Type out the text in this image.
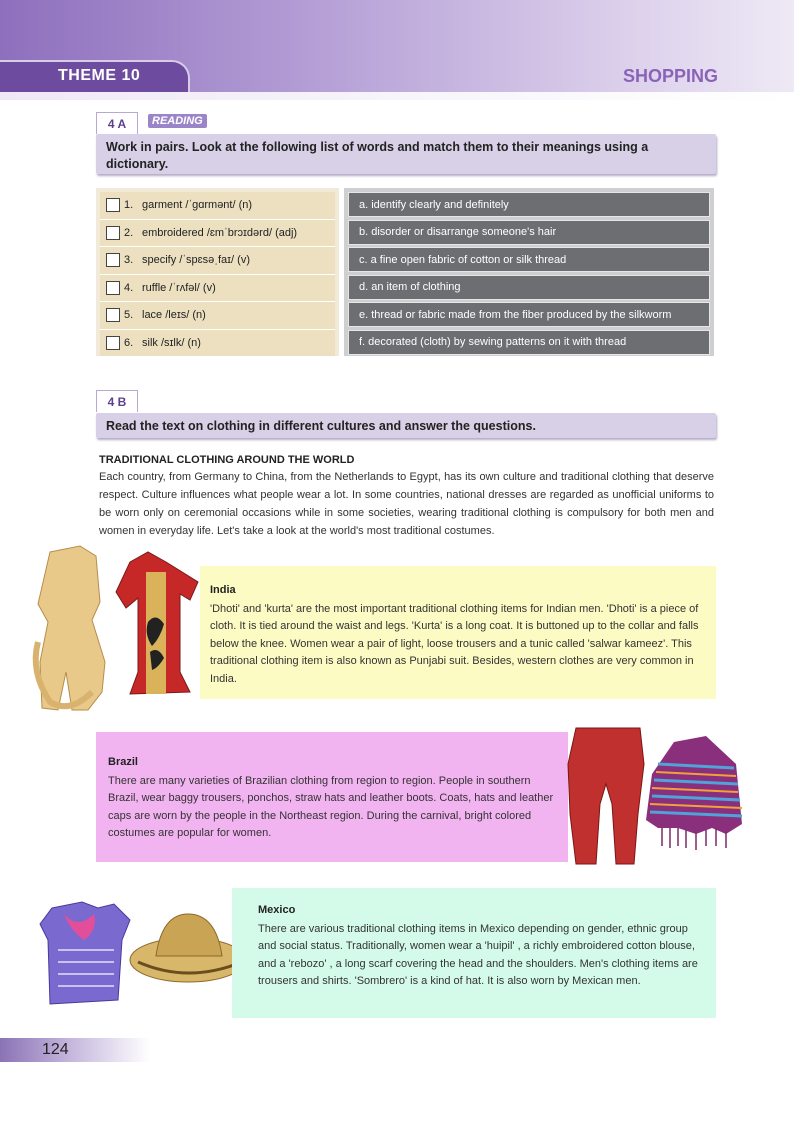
THEME 10	SHOPPING
4 A	READING
Work in pairs. Look at the following list of words and match them to their meanings using a dictionary.
1. garment /ˈɡɑrmənt/ (n)
2. embroidered /ɛmˈbrɔɪdərd/ (adj)
3. specify /ˈspɛsəˌfaɪ/ (v)
4. ruffle /ˈrʌfəl/ (v)
5. lace /leɪs/ (n)
6. silk /sɪlk/ (n)
a. identify clearly and definitely
b. disorder or disarrange someone's hair
c. a fine open fabric of cotton or silk thread
d. an item of clothing
e. thread or fabric made from the fiber produced by the silkworm
f. decorated (cloth) by sewing patterns on it with thread
4 B
Read the text on clothing in different cultures and answer the questions.
TRADITIONAL CLOTHING AROUND THE WORLD
Each country, from Germany to China, from the Netherlands to Egypt, has its own culture and traditional clothing that deserve respect. Culture influences what people wear a lot. In some countries, national dresses are regarded as unofficial uniforms to be worn only on ceremonial occasions while in some societies, wearing traditional clothing is compulsory for both men and women in everyday life. Let's take a look at the world's most traditional costumes.
India
'Dhoti' and 'kurta' are the most important traditional clothing items for Indian men. 'Dhoti' is a piece of cloth. It is tied around the waist and legs. 'Kurta' is a long coat. It is buttoned up to the collar and falls below the knee. Women wear a pair of light, loose trousers and a tunic called 'salwar kameez'. This traditional clothing item is also known as Punjabi suit. Besides, western clothes are very common in India.
Brazil
There are many varieties of Brazilian clothing from region to region. People in southern Brazil, wear baggy trousers, ponchos, straw hats and leather boots. Coats, hats and leather caps are worn by the people in the Northeast region. During the carnival, bright colored costumes are popular for women.
Mexico
There are various traditional clothing items in Mexico depending on gender, ethnic group and social status. Traditionally, women wear a 'huipil' , a richly embroidered cotton blouse, and a 'rebozo' , a long scarf covering the head and the shoulders. Men's clothing items are trousers and shirts. 'Sombrero' is a kind of hat. It is also worn by Mexican men.
124
